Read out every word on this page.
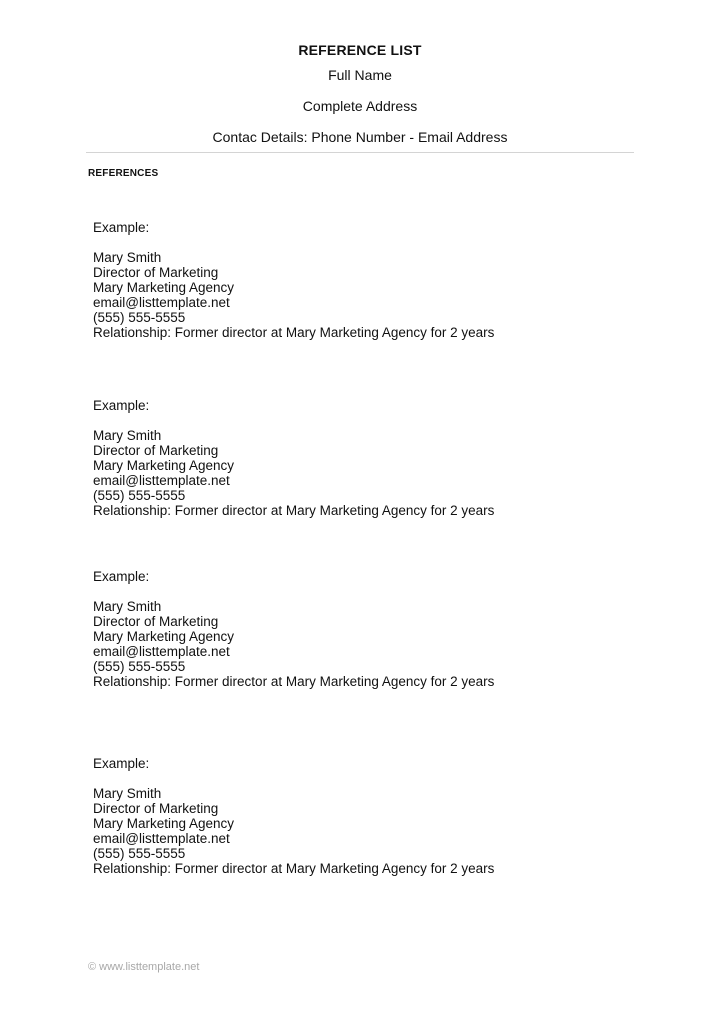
REFERENCE LIST
Full Name
Complete Address
Contac Details: Phone Number - Email Address
REFERENCES
Example:
Mary Smith
Director of Marketing
Mary Marketing Agency
email@listtemplate.net
(555) 555-5555
Relationship: Former director at Mary Marketing Agency for 2 years
Example:
Mary Smith
Director of Marketing
Mary Marketing Agency
email@listtemplate.net
(555) 555-5555
Relationship: Former director at Mary Marketing Agency for 2 years
Example:
Mary Smith
Director of Marketing
Mary Marketing Agency
email@listtemplate.net
(555) 555-5555
Relationship: Former director at Mary Marketing Agency for 2 years
Example:
Mary Smith
Director of Marketing
Mary Marketing Agency
email@listtemplate.net
(555) 555-5555
Relationship: Former director at Mary Marketing Agency for 2 years
© www.listtemplate.net
